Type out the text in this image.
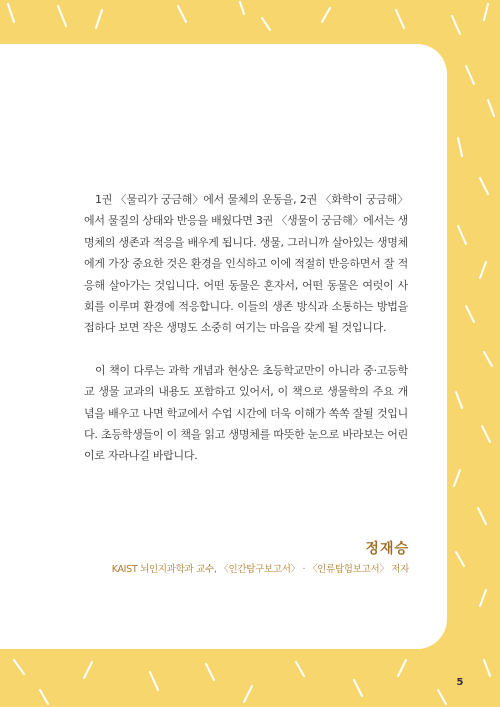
1권 〈물리가 궁금해〉에서 물체의 운동을, 2권 〈화학이 궁금해〉에서 물질의 상태와 반응을 배웠다면 3권 〈생물이 궁금해〉에서는 생명체의 생존과 적응을 배우게 됩니다. 생물, 그러니까 살아있는 생명체에게 가장 중요한 것은 환경을 인식하고 이에 적절히 반응하면서 잘 적응해 살아가는 것입니다. 어떤 동물은 혼자서, 어떤 동물은 여럿이 사회를 이루며 환경에 적응합니다. 이들의 생존 방식과 소통하는 방법을 접하다 보면 작은 생명도 소중히 여기는 마음을 갖게 될 것입니다.

이 책이 다루는 과학 개념과 현상은 초등학교만이 아니라 중·고등학교 생물 교과의 내용도 포함하고 있어서, 이 책으로 생물학의 주요 개념을 배우고 나면 학교에서 수업 시간에 더욱 이해가 쏙쏙 잘될 것입니다. 초등학생들이 이 책을 읽고 생명체를 따뜻한 눈으로 바라보는 어린이로 자라나길 바랍니다.

정재승
KAIST 뇌인지과학과 교수, 〈인간탐구보고서〉 · 〈인류탐험보고서〉 저자
5
